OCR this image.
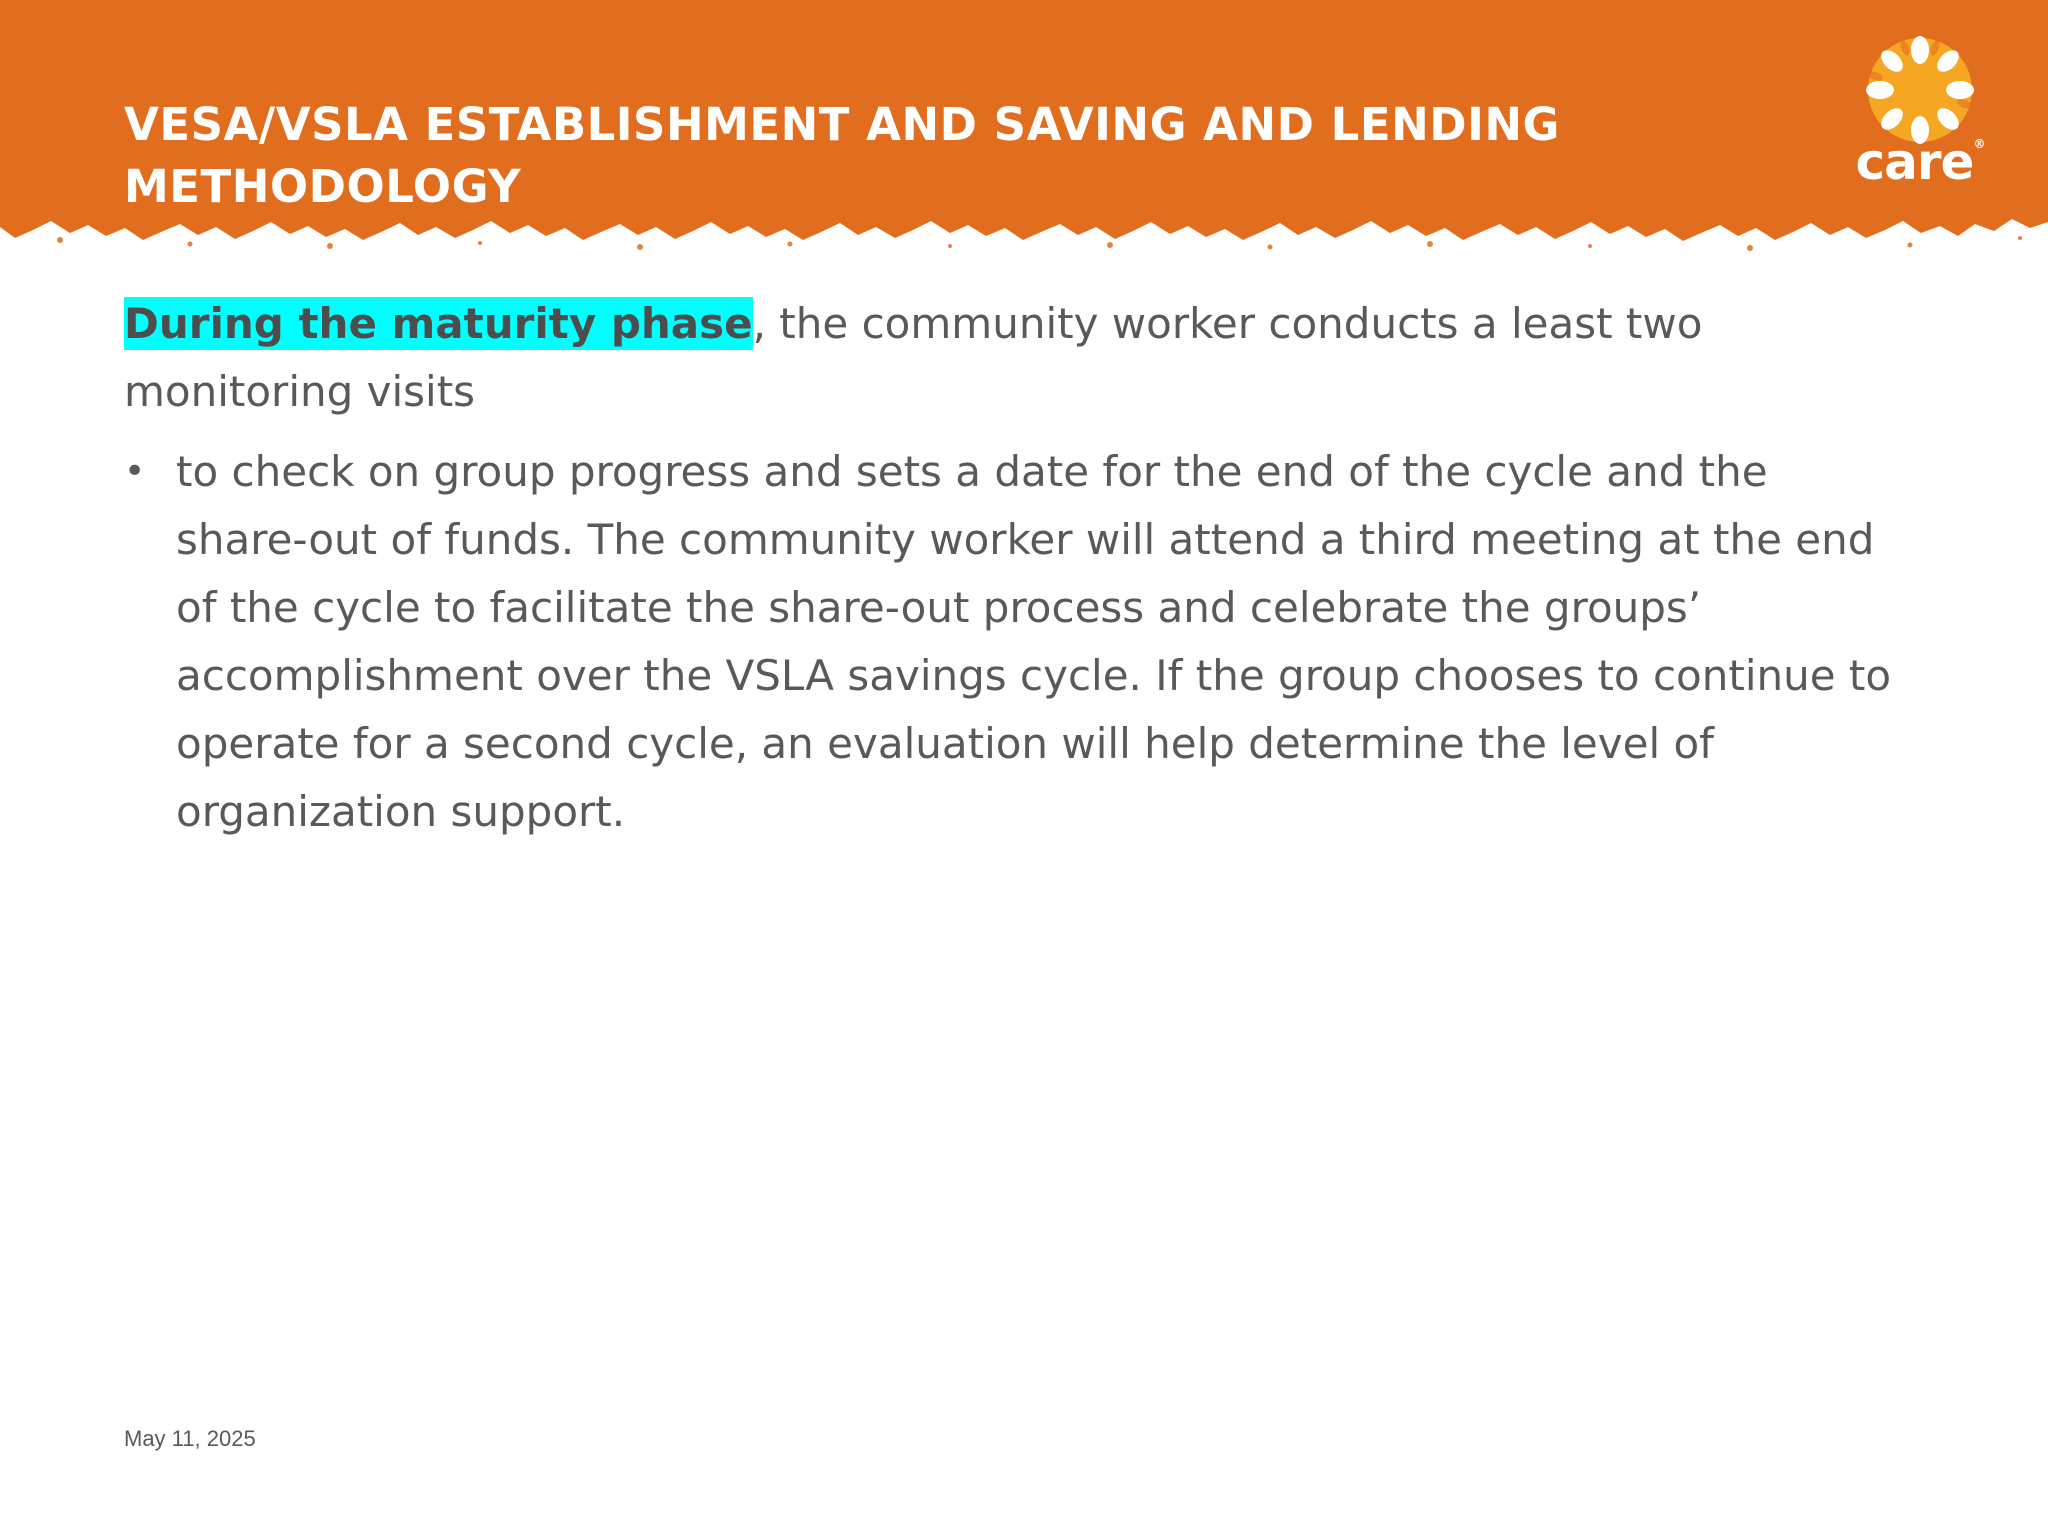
VESA/VSLA ESTABLISHMENT AND SAVING AND LENDING METHODOLOGY	care®

During the maturity phase, the community worker conducts a least two monitoring visits

• to check on group progress and sets a date for the end of the cycle and the share-out of funds. The community worker will attend a third meeting at the end of the cycle to facilitate the share-out process and celebrate the groups’ accomplishment over the VSLA savings cycle. If the group chooses to continue to operate for a second cycle, an evaluation will help determine the level of organization support.
May 11, 2025
